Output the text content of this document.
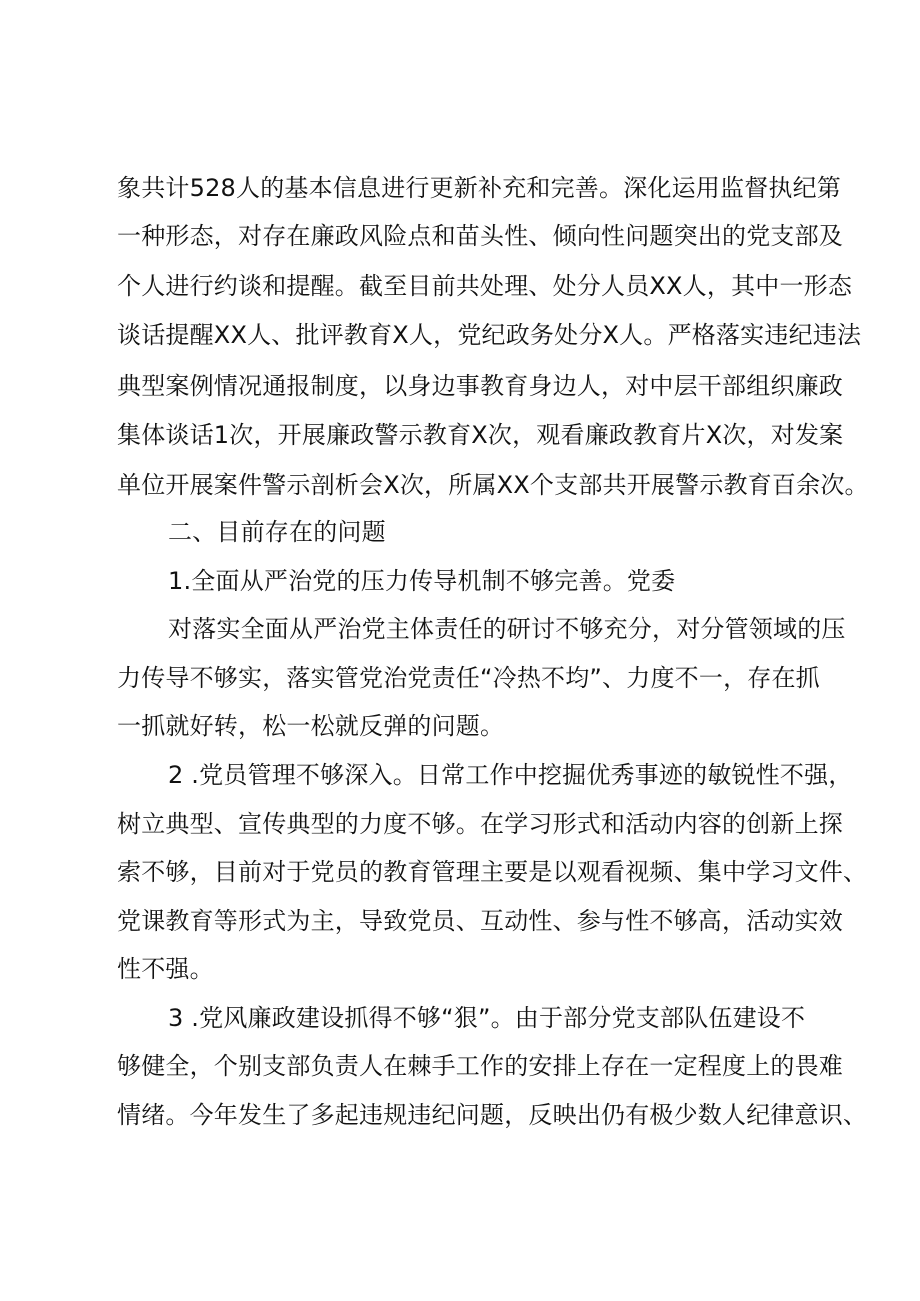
象共计528人的基本信息进行更新补充和完善。深化运用监督执纪第
一种形态，对存在廉政风险点和苗头性、倾向性问题突出的党支部及
个人进行约谈和提醒。截至目前共处理、处分人员XX人，其中一形态
谈话提醒XX人、批评教育X人，党纪政务处分X人。严格落实违纪违法
典型案例情况通报制度，以身边事教育身边人，对中层干部组织廉政
集体谈话1次，开展廉政警示教育X次，观看廉政教育片X次，对发案
单位开展案件警示剖析会X次，所属XX个支部共开展警示教育百余次。
二、目前存在的问题
1.全面从严治党的压力传导机制不够完善。党委
对落实全面从严治党主体责任的研讨不够充分，对分管领域的压
力传导不够实，落实管党治党责任“冷热不均”、力度不一，存在抓
一抓就好转，松一松就反弹的问题。
2 .党员管理不够深入。日常工作中挖掘优秀事迹的敏锐性不强，
树立典型、宣传典型的力度不够。在学习形式和活动内容的创新上探
索不够，目前对于党员的教育管理主要是以观看视频、集中学习文件、
党课教育等形式为主，导致党员、互动性、参与性不够高，活动实效
性不强。
3 .党风廉政建设抓得不够“狠”。由于部分党支部队伍建设不
够健全，个别支部负责人在棘手工作的安排上存在一定程度上的畏难
情绪。今年发生了多起违规违纪问题，反映出仍有极少数人纪律意识、
